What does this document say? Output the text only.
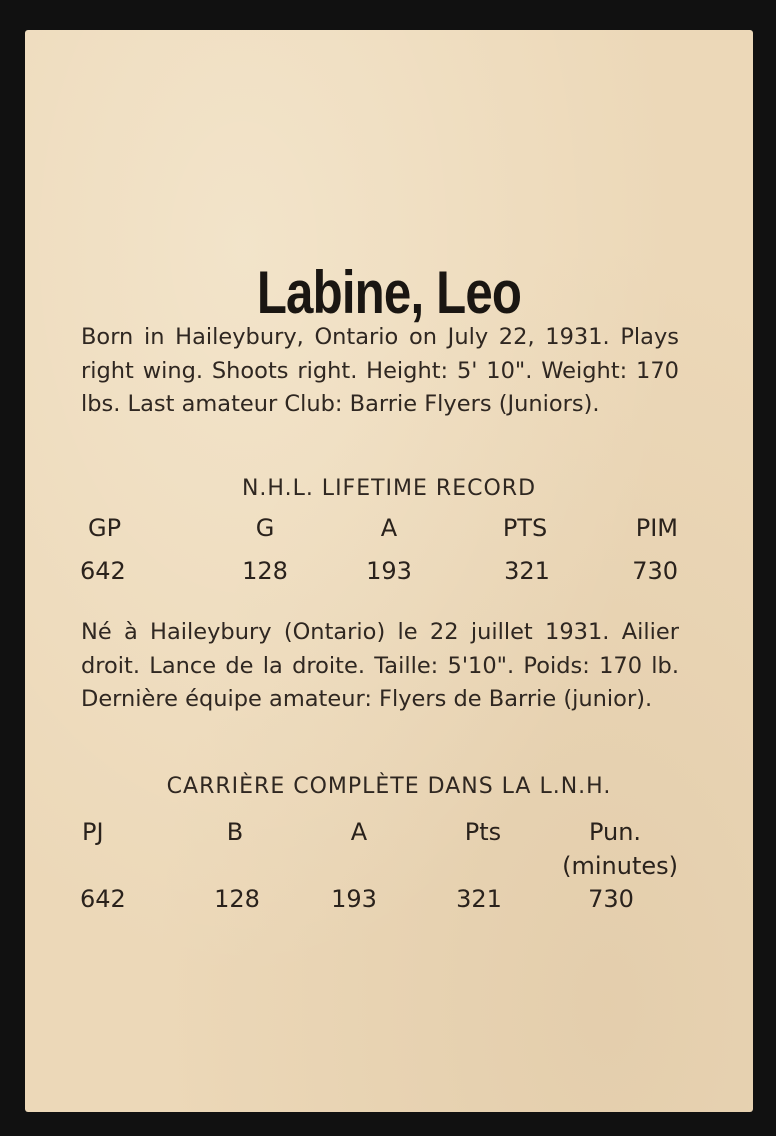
Labine, Leo
Born in Haileybury, Ontario on July 22, 1931. Plays right wing. Shoots right. Height: 5' 10". Weight: 170 lbs. Last amateur Club: Barrie Flyers (Juniors).
N.H.L. LIFETIME RECORD
GP	G	A	PTS	PIM
642	128	193	321	730
Né à Haileybury (Ontario) le 22 juillet 1931. Ailier droit. Lance de la droite. Taille: 5'10". Poids: 170 lb. Dernière équipe amateur: Flyers de Barrie (junior).
CARRIÈRE COMPLÈTE DANS LA L.N.H.
PJ	B	A	Pts	Pun.
(minutes)
642	128	193	321	730
